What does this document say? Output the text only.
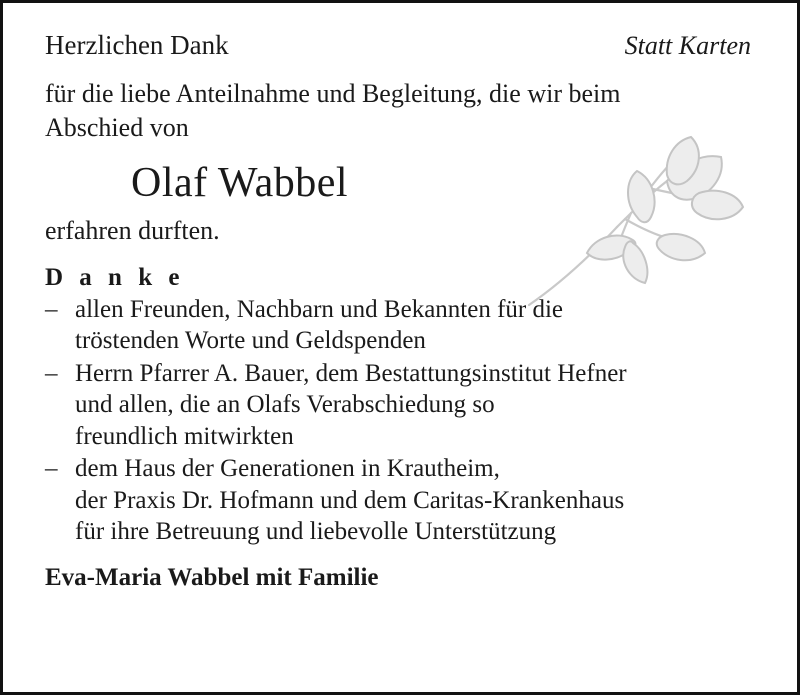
Herzlichen Dank	Statt Karten
für die liebe Anteilnahme und Begleitung, die wir beim
Abschied von
Olaf Wabbel
erfahren durften.
D a n k e
– allen Freunden, Nachbarn und Bekannten für die
tröstenden Worte und Geldspenden
– Herrn Pfarrer A. Bauer, dem Bestattungsinstitut Hefner
und allen, die an Olafs Verabschiedung so
freundlich mitwirkten
– dem Haus der Generationen in Krautheim,
der Praxis Dr. Hofmann und dem Caritas-Krankenhaus
für ihre Betreuung und liebevolle Unterstützung
Eva-Maria Wabbel mit Familie
